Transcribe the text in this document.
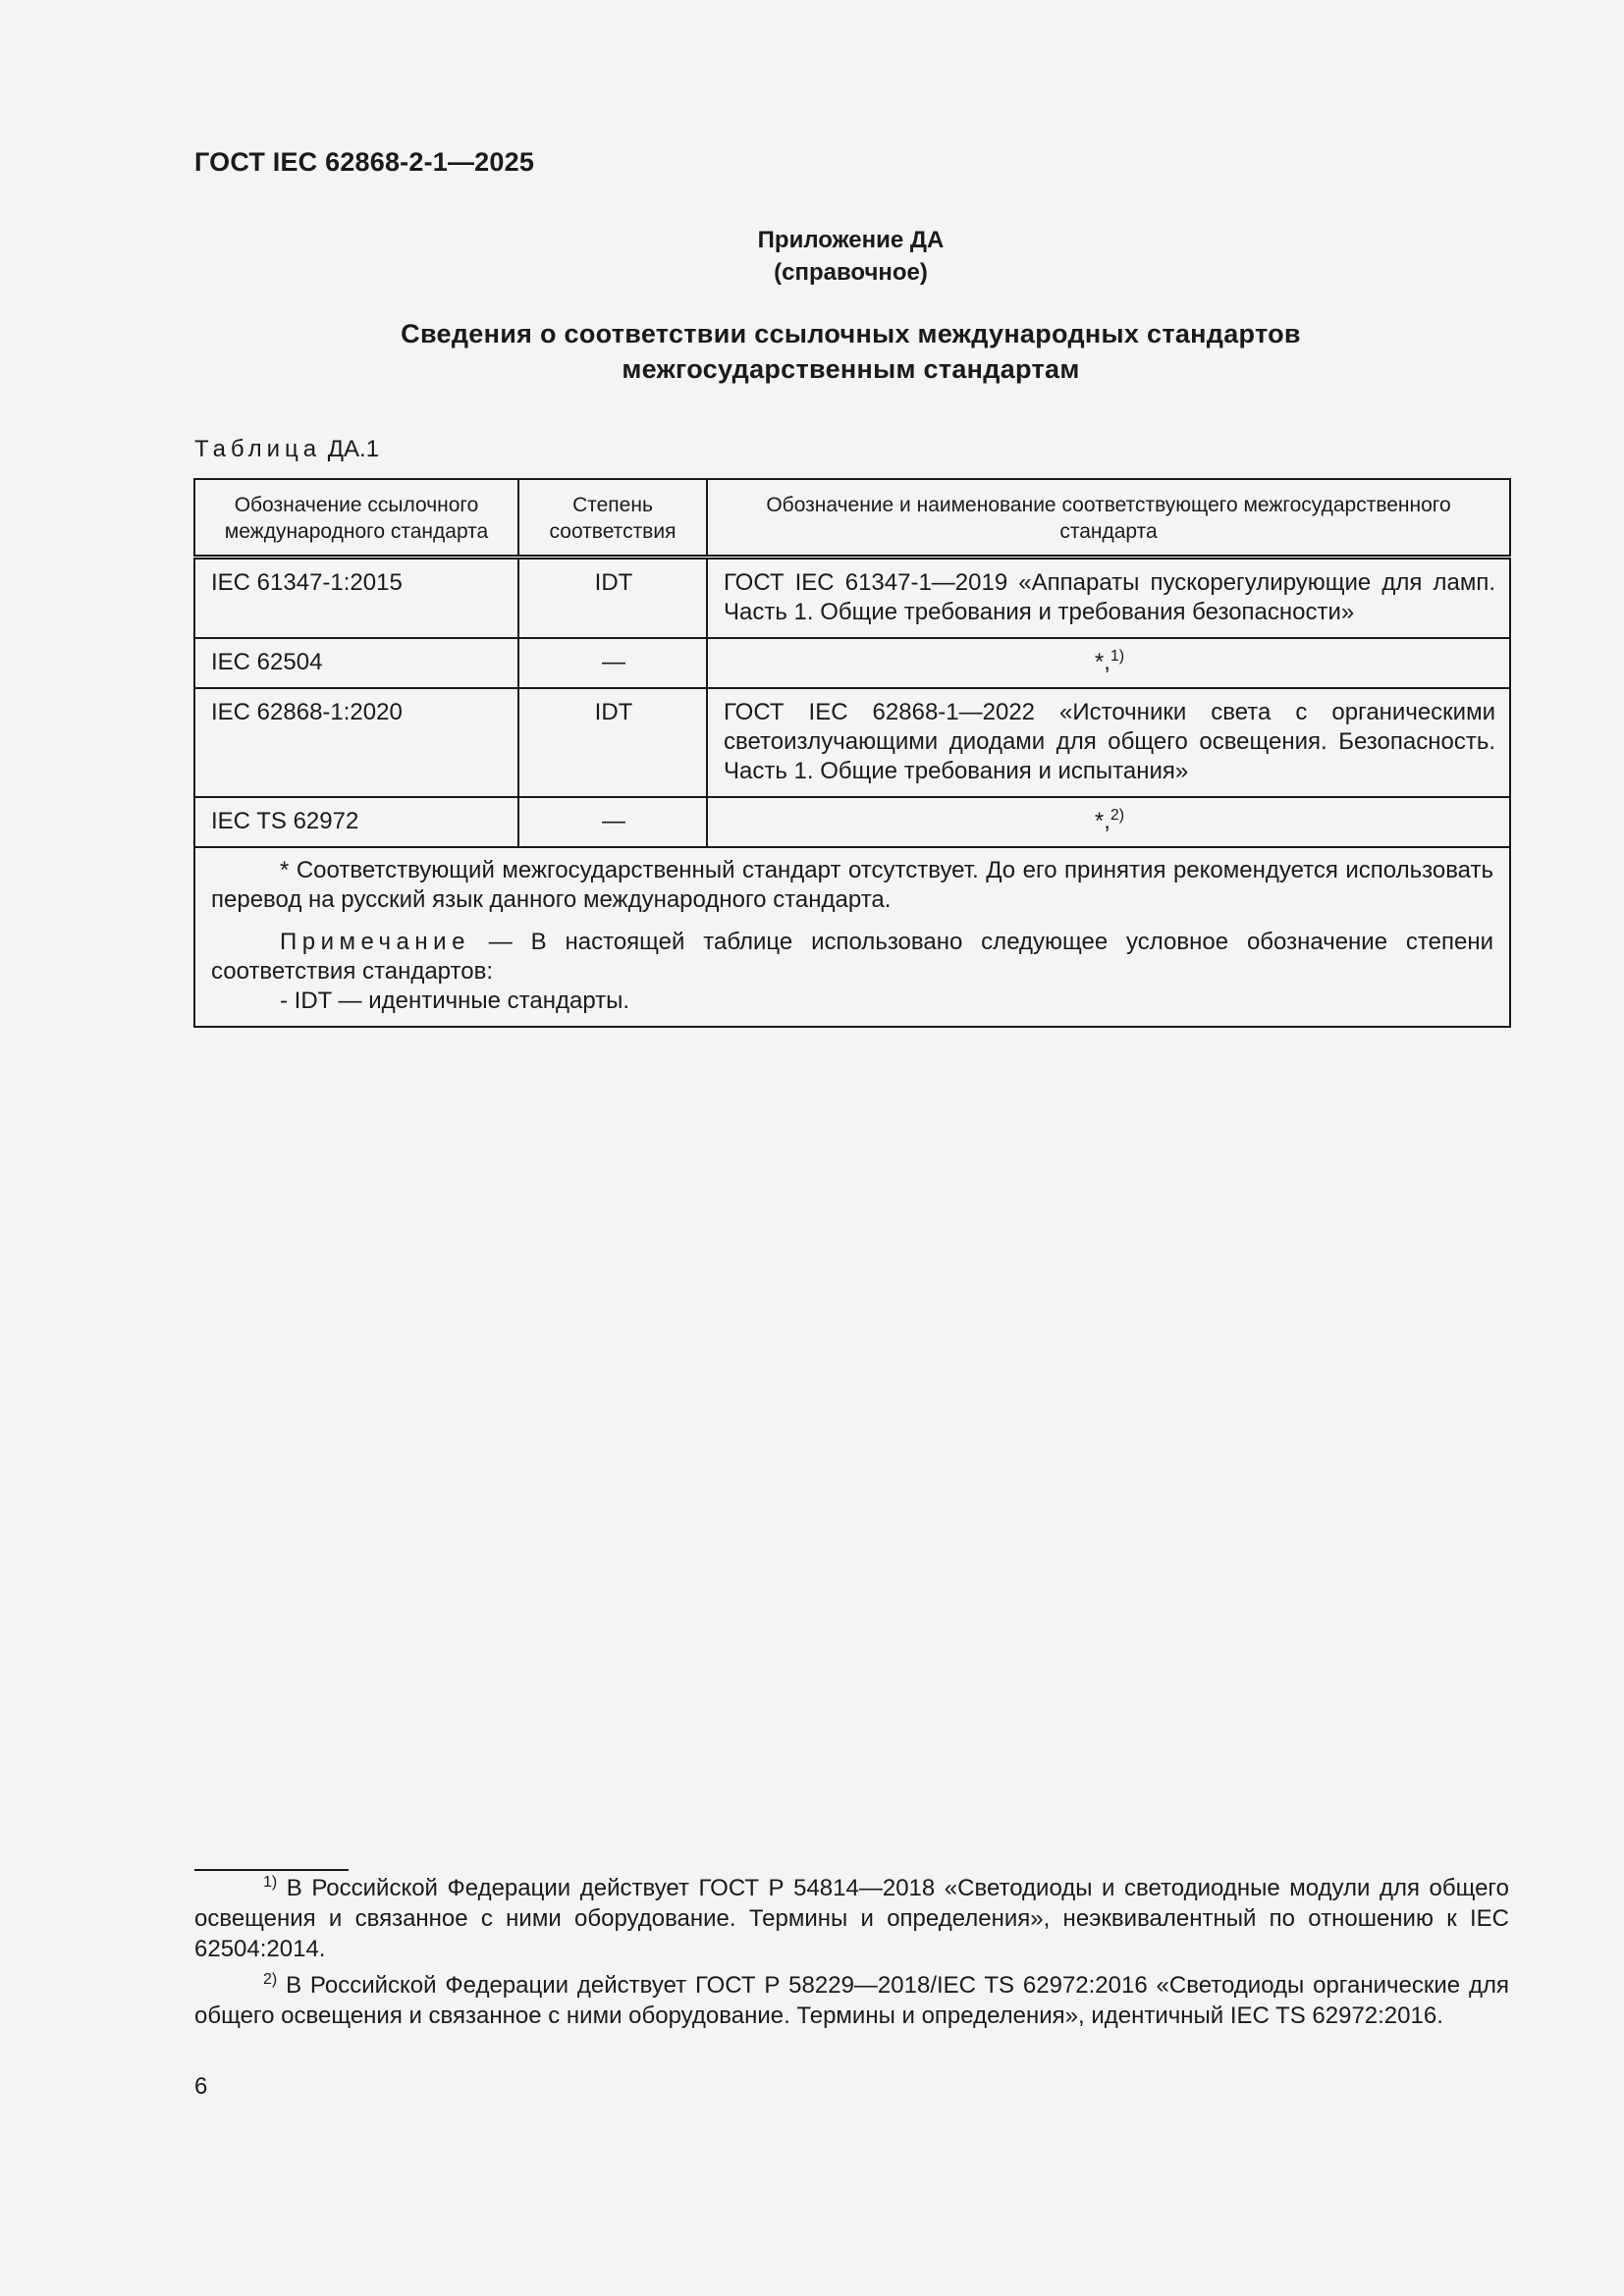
ГОСТ IEC 62868-2-1—2025
Приложение ДА
(справочное)
Сведения о соответствии ссылочных международных стандартов
межгосударственным стандартам
Таблица ДА.1
Обозначение ссылочного международного стандарта	Степень соответствия	Обозначение и наименование соответствующего межгосударственного стандарта
IEC 61347-1:2015	IDT	ГОСТ IEC 61347-1—2019 «Аппараты пускорегулирующие для ламп. Часть 1. Общие требования и требования безопасности»
IEC 62504	—	*,$^{1)}$
IEC 62868-1:2020	IDT	ГОСТ IEC 62868-1—2022 «Источники света с органическими светоизлучающими диодами для общего освещения. Безопасность. Часть 1. Общие требования и испытания»
IEC TS 62972	—	*,$^{2)}$

* Соответствующий межгосударственный стандарт отсутствует. До его принятия рекомендуется использовать перевод на русский язык данного международного стандарта.

Примечание — В настоящей таблице использовано следующее условное обозначение степени соответствия стандартов:
- IDT — идентичные стандарты.		
$^{1)}$ В Российской Федерации действует ГОСТ Р 54814—2018 «Светодиоды и светодиодные модули для общего освещения и связанное с ними оборудование. Термины и определения», неэквивалентный по отношению к IEC 62504:2014.
$^{2)}$ В Российской Федерации действует ГОСТ Р 58229—2018/IEC TS 62972:2016 «Светодиоды органические для общего освещения и связанное с ними оборудование. Термины и определения», идентичный IEC TS 62972:2016.
6
